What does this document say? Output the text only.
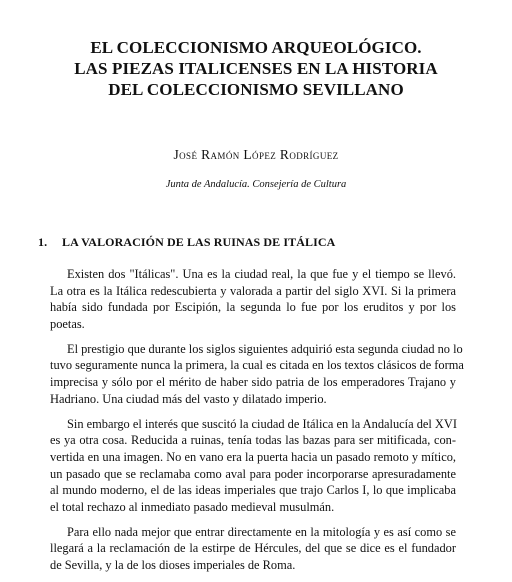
EL COLECCIONISMO ARQUEOLÓGICO.
LAS PIEZAS ITALICENSES EN LA HISTORIA
DEL COLECCIONISMO SEVILLANO
José Ramón López Rodríguez
Junta de Andalucía. Consejería de Cultura
1. LA VALORACIÓN DE LAS RUINAS DE ITÁLICA

Existen dos "Itálicas". Una es la ciudad real, la que fue y el tiempo se llevó.
La otra es la Itálica redescubierta y valorada a partir del siglo XVI. Si la primera
había sido fundada por Escipión, la segunda lo fue por los eruditos y por los
poetas.

El prestigio que durante los siglos siguientes adquirió esta segunda ciudad no lo
tuvo seguramente nunca la primera, la cual es citada en los textos clásicos de forma
imprecisa y sólo por el mérito de haber sido patria de los emperadores Trajano y
Hadriano. Una ciudad más del vasto y dilatado imperio.

Sin embargo el interés que suscitó la ciudad de Itálica en la Andalucía del XVI
es ya otra cosa. Reducida a ruinas, tenía todas las bazas para ser mitificada, con-
vertida en una imagen. No en vano era la puerta hacia un pasado remoto y mítico,
un pasado que se reclamaba como aval para poder incorporarse apresuradamente
al mundo moderno, el de las ideas imperiales que trajo Carlos I, lo que implicaba
el total rechazo al inmediato pasado medieval musulmán.

Para ello nada mejor que entrar directamente en la mitología y es así como se
llegará a la reclamación de la estirpe de Hércules, del que se dice es el fundador
de Sevilla, y la de los dioses imperiales de Roma.
